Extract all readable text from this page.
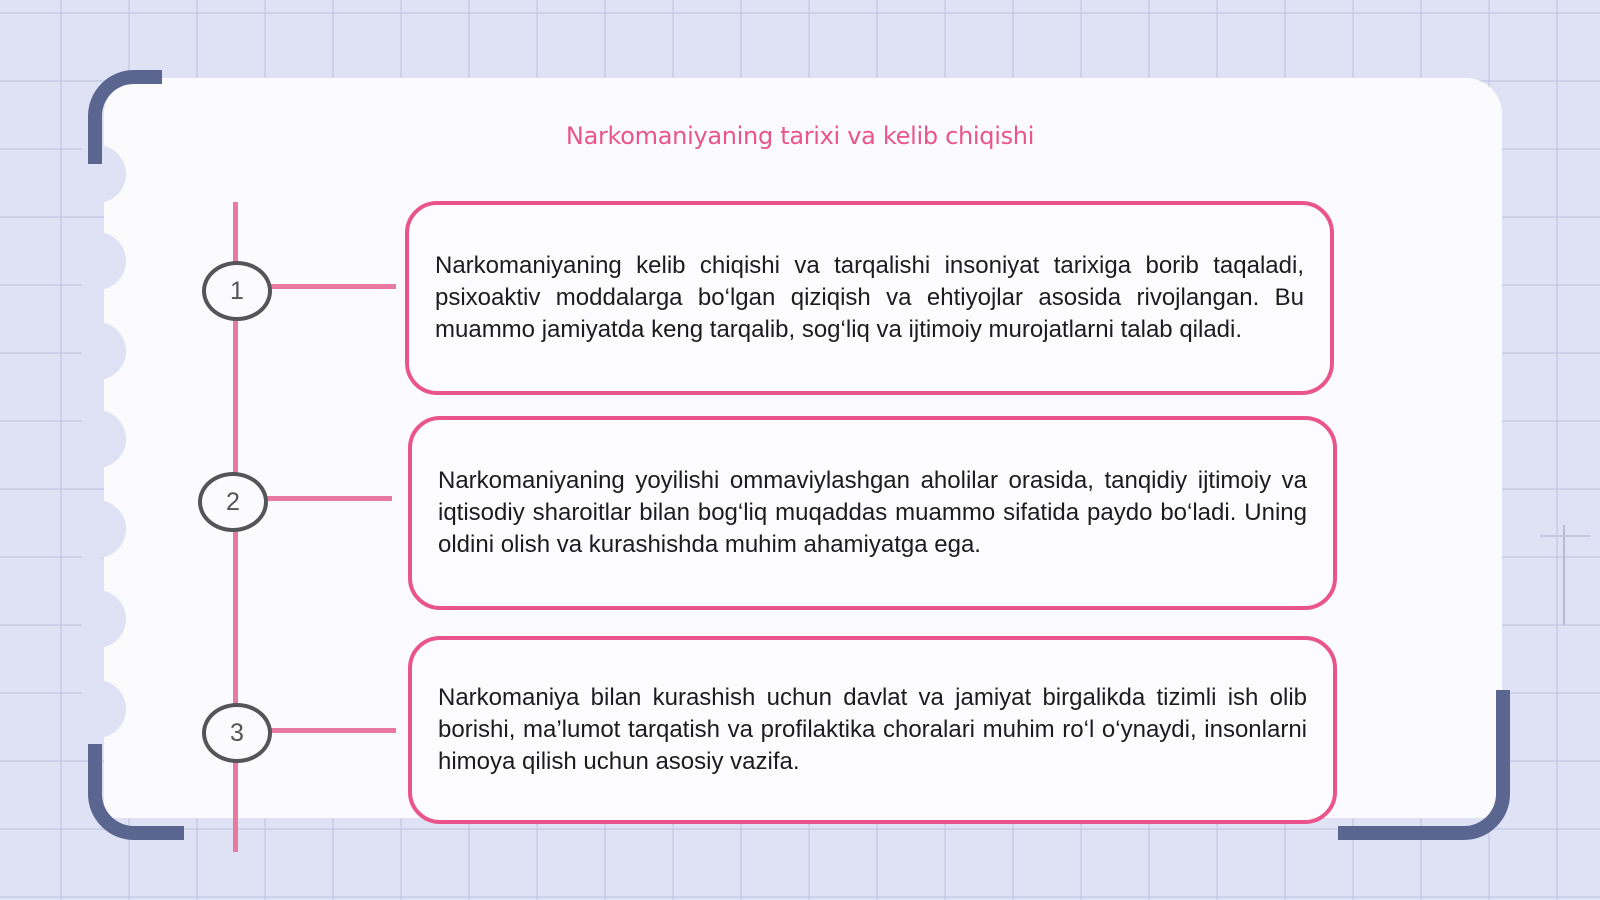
Narkomaniyaning tarixi va kelib chiqishi
1
2
3

Narkomaniyaning kelib chiqishi va tarqalishi insoniyat tarixiga borib taqaladi, psixoaktiv moddalarga bo‘lgan qiziqish va ehtiyojlar asosida rivojlangan. Bu muammo jamiyatda keng tarqalib, sog‘liq va ijtimoiy murojatlarni talab qiladi.

Narkomaniyaning yoyilishi ommaviylashgan aholilar orasida, tanqidiy ijtimoiy va iqtisodiy sharoitlar bilan bog‘liq muqaddas muammo sifatida paydo bo‘ladi. Uning oldini olish va kurashishda muhim ahamiyatga ega.

Narkomaniya bilan kurashish uchun davlat va jamiyat birgalikda tizimli ish olib borishi, ma’lumot tarqatish va profilaktika choralari muhim ro‘l o‘ynaydi, insonlarni himoya qilish uchun asosiy vazifa.
